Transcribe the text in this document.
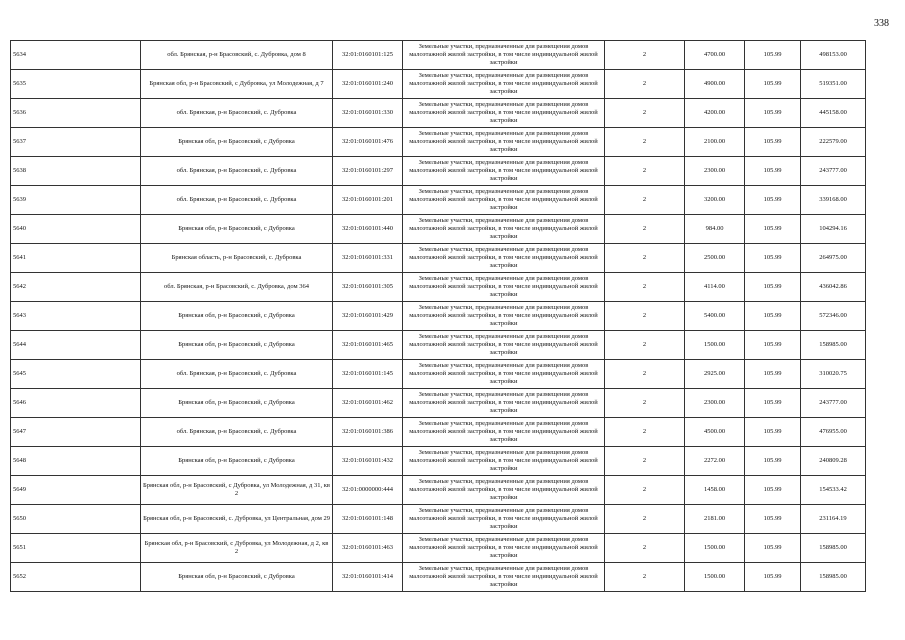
338
5634	обл. Брянская, р-н Брасовский, с. Дубровка, дом 8	32:01:0160101:125	Земельные участки, предназначенные для размещения домов малоэтажной жилой застройки, в том числе индивидуальной жилой застройки	2	4700.00	105.99	498153.00
5635	Брянская обл, р-н Брасовский, с Дубровка, ул Молодежная, д 7	32:01:0160101:240	Земельные участки, предназначенные для размещения домов малоэтажной жилой застройки, в том числе индивидуальной жилой застройки	2	4900.00	105.99	519351.00
5636	обл. Брянская, р-н Брасовский, с. Дубровка	32:01:0160101:330	Земельные участки, предназначенные для размещения домов малоэтажной жилой застройки, в том числе индивидуальной жилой застройки	2	4200.00	105.99	445158.00
5637	Брянская обл, р-н Брасовский, с Дубровка	32:01:0160101:476	Земельные участки, предназначенные для размещения домов малоэтажной жилой застройки, в том числе индивидуальной жилой застройки	2	2100.00	105.99	222579.00
5638	обл. Брянская, р-н Брасовский, с. Дубровка	32:01:0160101:297	Земельные участки, предназначенные для размещения домов малоэтажной жилой застройки, в том числе индивидуальной жилой застройки	2	2300.00	105.99	243777.00
5639	обл. Брянская, р-н Брасовский, с. Дубровка	32:01:0160101:201	Земельные участки, предназначенные для размещения домов малоэтажной жилой застройки, в том числе индивидуальной жилой застройки	2	3200.00	105.99	339168.00
5640	Брянская обл, р-н Брасовский, с Дубровка	32:01:0160101:440	Земельные участки, предназначенные для размещения домов малоэтажной жилой застройки, в том числе индивидуальной жилой застройки	2	984.00	105.99	104294.16
5641	Брянская область, р-н Брасовский, с. Дубровка	32:01:0160101:331	Земельные участки, предназначенные для размещения домов малоэтажной жилой застройки, в том числе индивидуальной жилой застройки	2	2500.00	105.99	264975.00
5642	обл. Брянская, р-н Брасовский, с. Дубровка, дом 364	32:01:0160101:305	Земельные участки, предназначенные для размещения домов малоэтажной жилой застройки, в том числе индивидуальной жилой застройки	2	4114.00	105.99	436042.86
5643	Брянская обл, р-н Брасовский, с Дубровка	32:01:0160101:429	Земельные участки, предназначенные для размещения домов малоэтажной жилой застройки, в том числе индивидуальной жилой застройки	2	5400.00	105.99	572346.00
5644	Брянская обл, р-н Брасовский, с Дубровка	32:01:0160101:465	Земельные участки, предназначенные для размещения домов малоэтажной жилой застройки, в том числе индивидуальной жилой застройки	2	1500.00	105.99	158985.00
5645	обл. Брянская, р-н Брасовский, с. Дубровка	32:01:0160101:145	Земельные участки, предназначенные для размещения домов малоэтажной жилой застройки, в том числе индивидуальной жилой застройки	2	2925.00	105.99	310020.75
5646	Брянская обл, р-н Брасовский, с Дубровка	32:01:0160101:462	Земельные участки, предназначенные для размещения домов малоэтажной жилой застройки, в том числе индивидуальной жилой застройки	2	2300.00	105.99	243777.00
5647	обл. Брянская, р-н Брасовский, с. Дубровка	32:01:0160101:386	Земельные участки, предназначенные для размещения домов малоэтажной жилой застройки, в том числе индивидуальной жилой застройки	2	4500.00	105.99	476955.00
5648	Брянская обл, р-н Брасовский, с Дубровка	32:01:0160101:432	Земельные участки, предназначенные для размещения домов малоэтажной жилой застройки, в том числе индивидуальной жилой застройки	2	2272.00	105.99	240809.28
5649	Брянская обл, р-н Брасовский, с Дубровка, ул Молодежная, д 31, кв 2	32:01:0000000:444	Земельные участки, предназначенные для размещения домов малоэтажной жилой застройки, в том числе индивидуальной жилой застройки	2	1458.00	105.99	154533.42
5650	Брянская обл, р-н Брасовский, с. Дубровка, ул Центральная, дом 29	32:01:0160101:148	Земельные участки, предназначенные для размещения домов малоэтажной жилой застройки, в том числе индивидуальной жилой застройки	2	2181.00	105.99	231164.19
5651	Брянская обл, р-н Брасовский, с Дубровка, ул Молодежная, д 2, кв 2	32:01:0160101:463	Земельные участки, предназначенные для размещения домов малоэтажной жилой застройки, в том числе индивидуальной жилой застройки	2	1500.00	105.99	158985.00
5652	Брянская обл, р-н Брасовский, с Дубровка	32:01:0160101:414	Земельные участки, предназначенные для размещения домов малоэтажной жилой застройки, в том числе индивидуальной жилой застройки	2	1500.00	105.99	158985.00
